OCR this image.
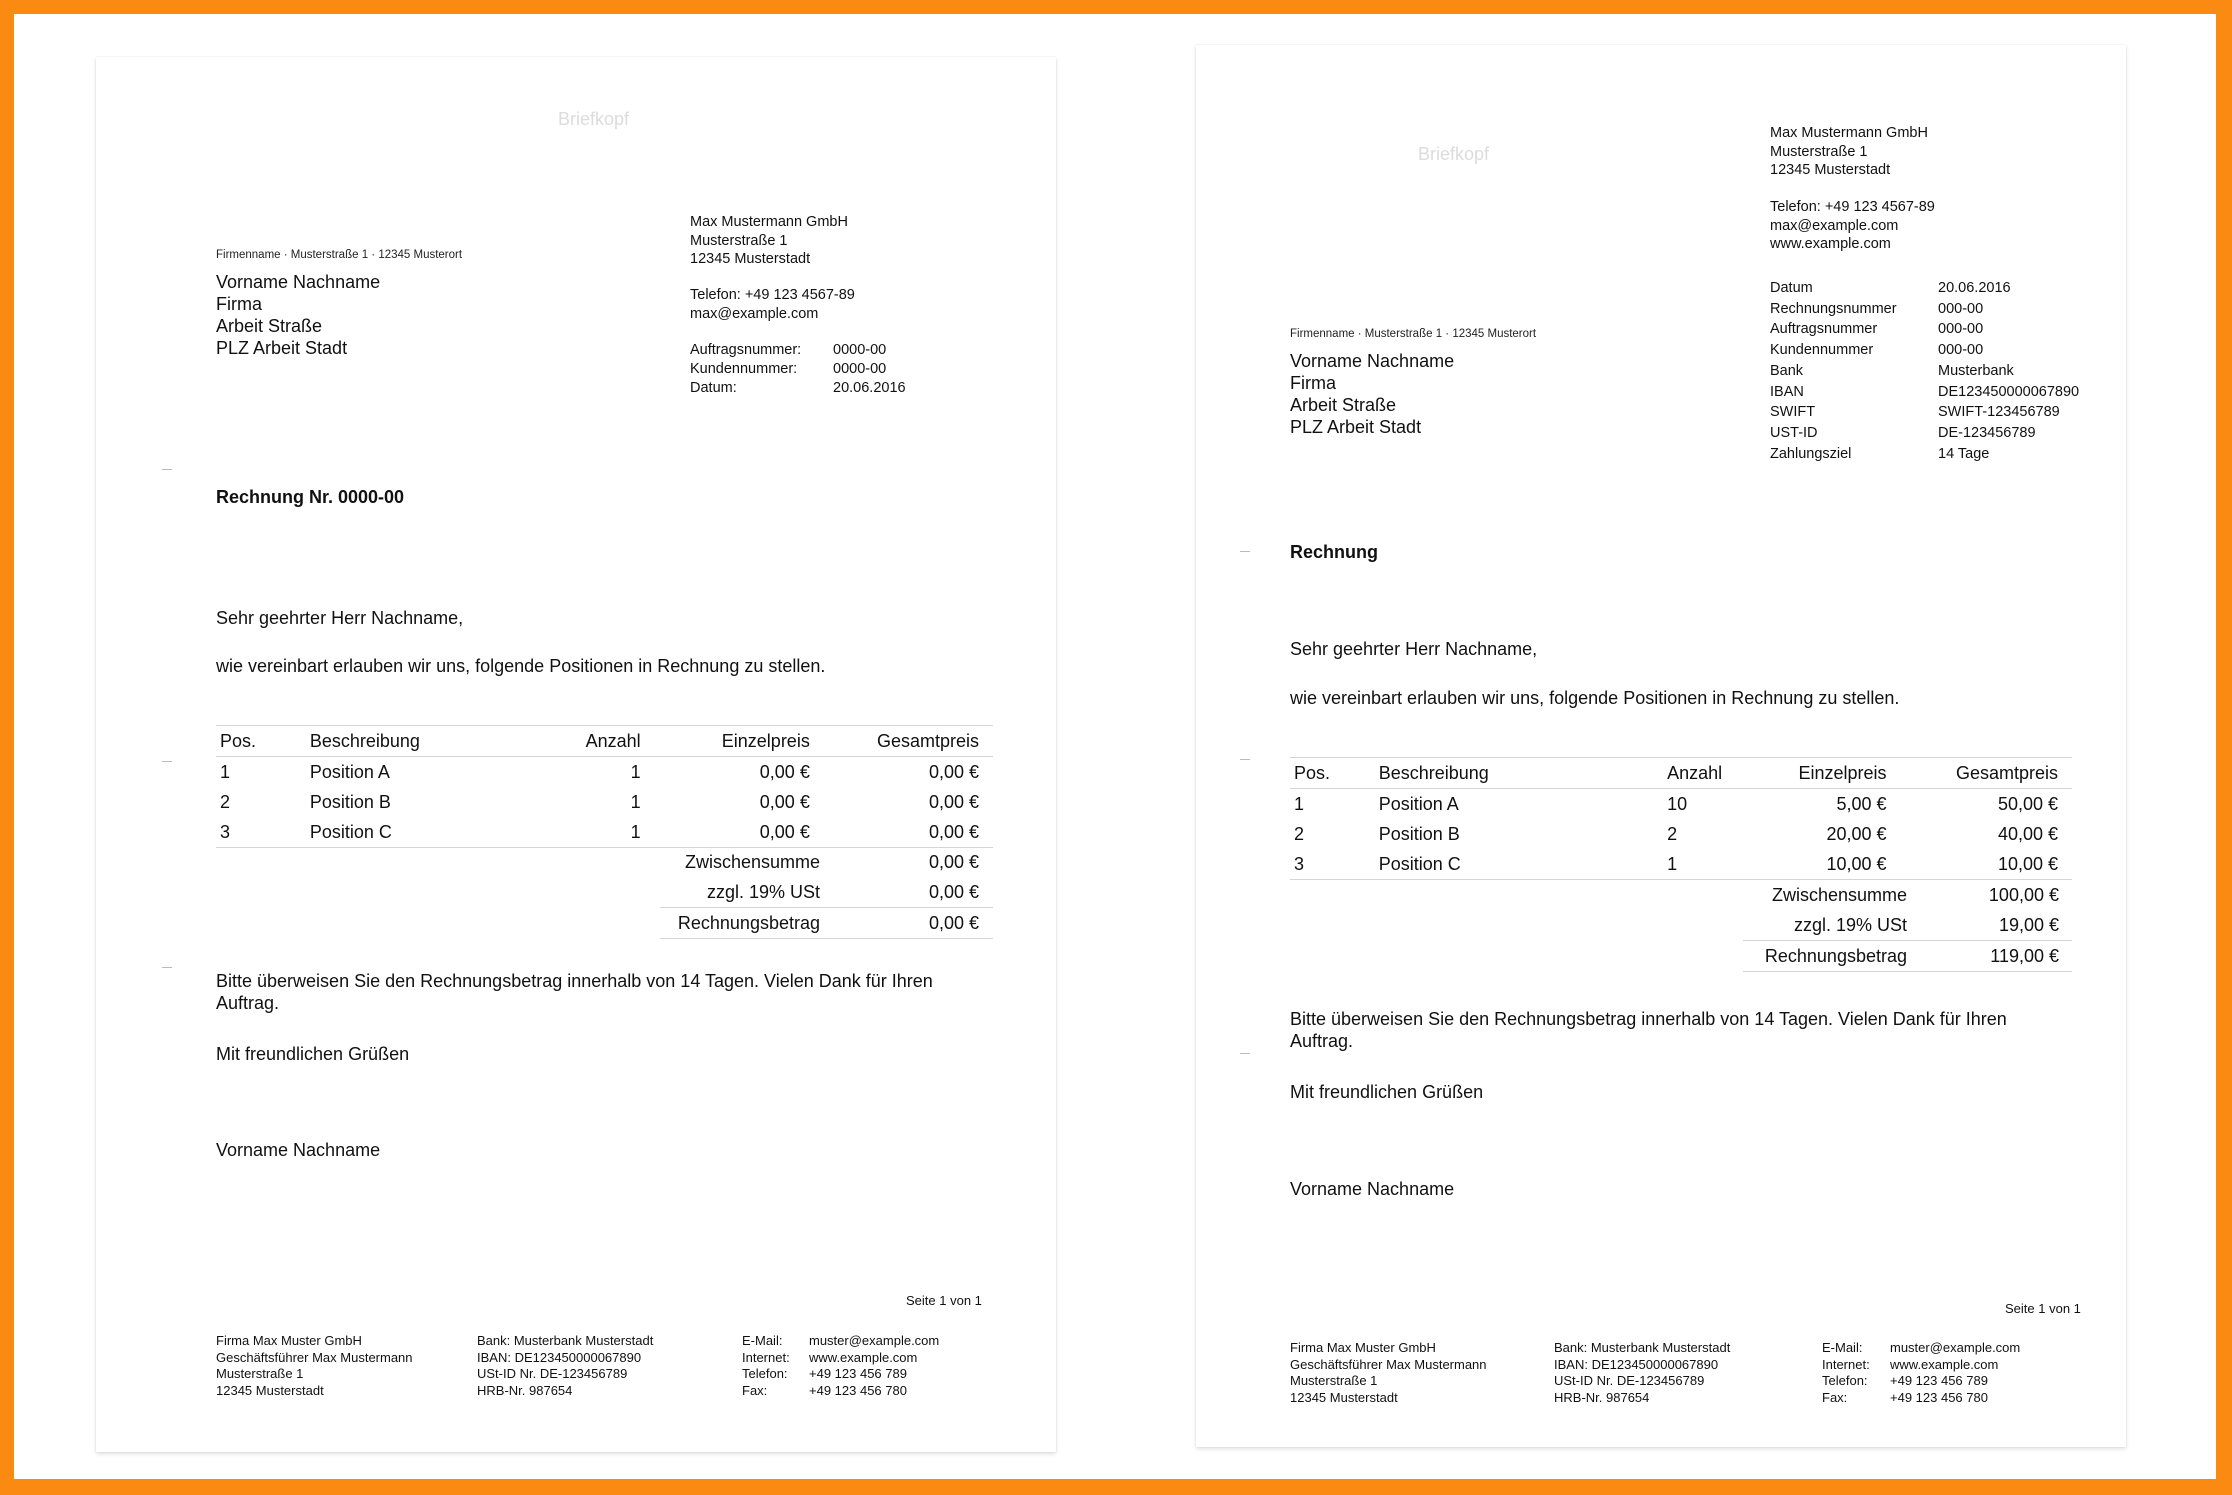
Briefkopf
Firmenname · Musterstraße 1 · 12345 Musterort
Vorname Nachname
Firma
Arbeit Straße
PLZ Arbeit Stadt
Max Mustermann GmbH
Musterstraße 1
12345 Musterstadt
Telefon: +49 123 4567-89
max@example.com
Auftragsnummer:	0000-00
Kundennummer:	0000-00
Datum:	20.06.2016
Rechnung Nr. 0000-00
Sehr geehrter Herr Nachname,
wie vereinbart erlauben wir uns, folgende Positionen in Rechnung zu stellen.
Pos.	Beschreibung	Anzahl	Einzelpreis	Gesamtpreis
1	Position A	1	0,00 €	0,00 €
2	Position B	1	0,00 €	0,00 €
3	Position C	1	0,00 €	0,00 €
Zwischensumme	0,00 €
zzgl. 19% USt	0,00 €
Rechnungsbetrag	0,00 €
Bitte überweisen Sie den Rechnungsbetrag innerhalb von 14 Tagen. Vielen Dank für Ihren
Auftrag.
Mit freundlichen Grüßen
Vorname Nachname
Seite 1 von 1
Firma Max Muster GmbH
Geschäftsführer Max Mustermann
Musterstraße 1
12345 Musterstadt
Bank: Musterbank Musterstadt
IBAN: DE123450000067890
USt-ID Nr. DE-123456789
HRB-Nr. 987654
E-Mail:	muster@example.com
Internet:	www.example.com
Telefon:	+49 123 456 789
Fax:	+49 123 456 780
Briefkopf
Max Mustermann GmbH
Musterstraße 1
12345 Musterstadt
Telefon: +49 123 4567-89
max@example.com
www.example.com
Datum	20.06.2016
Rechnungsnummer	000-00
Auftragsnummer	000-00
Kundennummer	000-00
Bank	Musterbank
IBAN	DE123450000067890
SWIFT	SWIFT-123456789
UST-ID	DE-123456789
Zahlungsziel	14 Tage
Firmenname · Musterstraße 1 · 12345 Musterort
Vorname Nachname
Firma
Arbeit Straße
PLZ Arbeit Stadt
Rechnung
Sehr geehrter Herr Nachname,
wie vereinbart erlauben wir uns, folgende Positionen in Rechnung zu stellen.
Pos.	Beschreibung	Anzahl	Einzelpreis	Gesamtpreis
1	Position A	10	5,00 €	50,00 €
2	Position B	2	20,00 €	40,00 €
3	Position C	1	10,00 €	10,00 €
Zwischensumme	100,00 €
zzgl. 19% USt	19,00 €
Rechnungsbetrag	119,00 €
Bitte überweisen Sie den Rechnungsbetrag innerhalb von 14 Tagen. Vielen Dank für Ihren
Auftrag.
Mit freundlichen Grüßen
Vorname Nachname
Seite 1 von 1
Firma Max Muster GmbH
Geschäftsführer Max Mustermann
Musterstraße 1
12345 Musterstadt
Bank: Musterbank Musterstadt
IBAN: DE123450000067890
USt-ID Nr. DE-123456789
HRB-Nr. 987654
E-Mail:	muster@example.com
Internet:	www.example.com
Telefon:	+49 123 456 789
Fax:	+49 123 456 780
